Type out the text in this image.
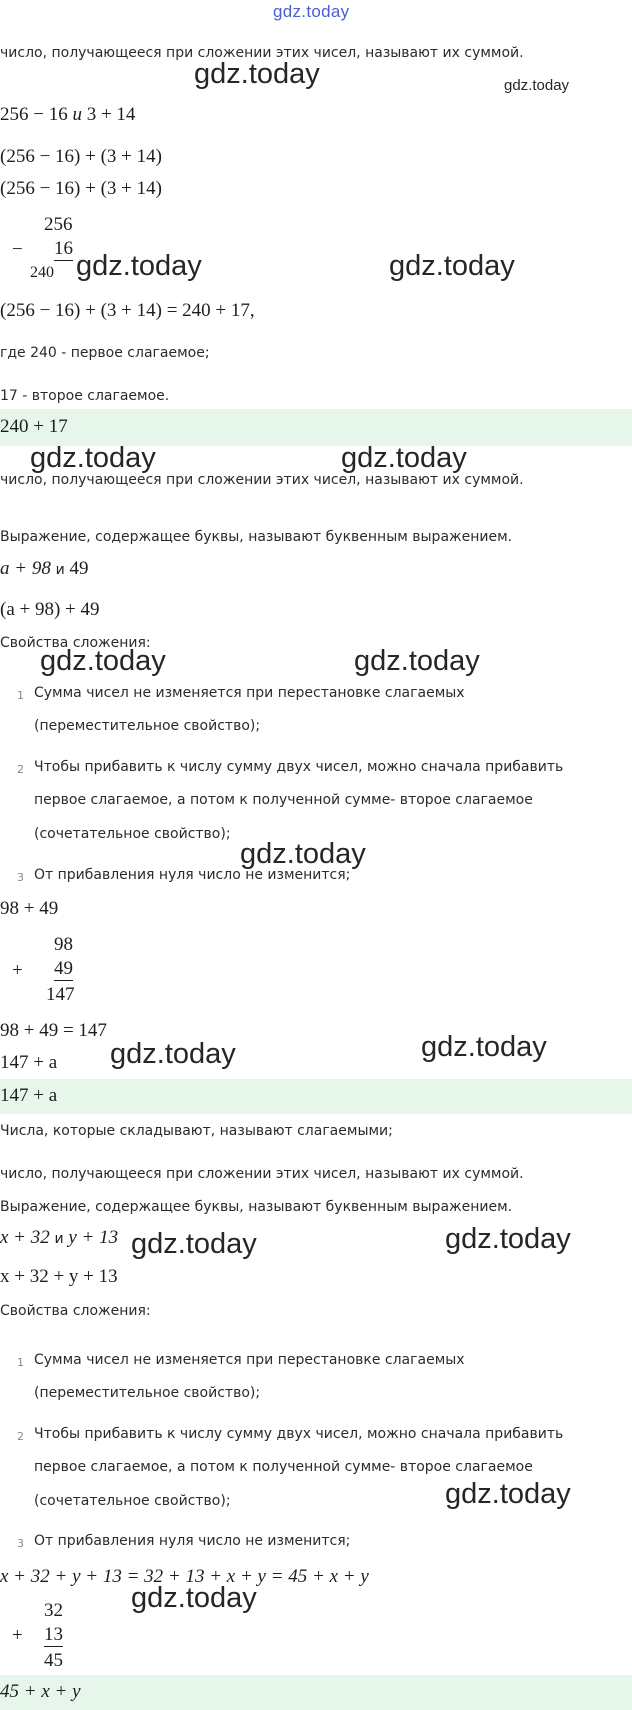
gdz.today
число, получающееся при сложении этих чисел, называют их суммой.
256 − 16 и 3 + 14
(256 − 16) + (3 + 14)
(256 − 16) + (3 + 14)
256
− 16
240
(256 − 16) + (3 + 14) = 240 + 17,
где 240 - первое слагаемое;
17 - второе слагаемое.
240 + 17
число, получающееся при сложении этих чисел, называют их суммой.
Выражение, содержащее буквы, называют буквенным выражением.
a + 98 и 49
(a + 98) + 49
Свойства сложения:
1 Сумма чисел не изменяется при перестановке слагаемых
(переместительное свойство);
2 Чтобы прибавить к числу сумму двух чисел, можно сначала прибавить
первое слагаемое, а потом к полученной сумме- второе слагаемое
(сочетательное свойство);
3 От прибавления нуля число не изменится;
98 + 49
98
+ 49
147
98 + 49 = 147
147 + a
147 + a
Числа, которые складывают, называют слагаемыми;
число, получающееся при сложении этих чисел, называют их суммой.
Выражение, содержащее буквы, называют буквенным выражением.
x + 32 и y + 13
x + 32 + y + 13
Свойства сложения:
1 Сумма чисел не изменяется при перестановке слагаемых
(переместительное свойство);
2 Чтобы прибавить к числу сумму двух чисел, можно сначала прибавить
первое слагаемое, а потом к полученной сумме- второе слагаемое
(сочетательное свойство);
3 От прибавления нуля число не изменится;
x + 32 + y + 13 = 32 + 13 + x + y = 45 + x + y
32
+ 13
45
45 + x + y
gdz.today	gdz.today
gdz.today	gdz.today
gdz.today	gdz.today
gdz.today	gdz.today
gdz.today
gdz.today	gdz.today
gdz.today	gdz.today
gdz.today
gdz.today
